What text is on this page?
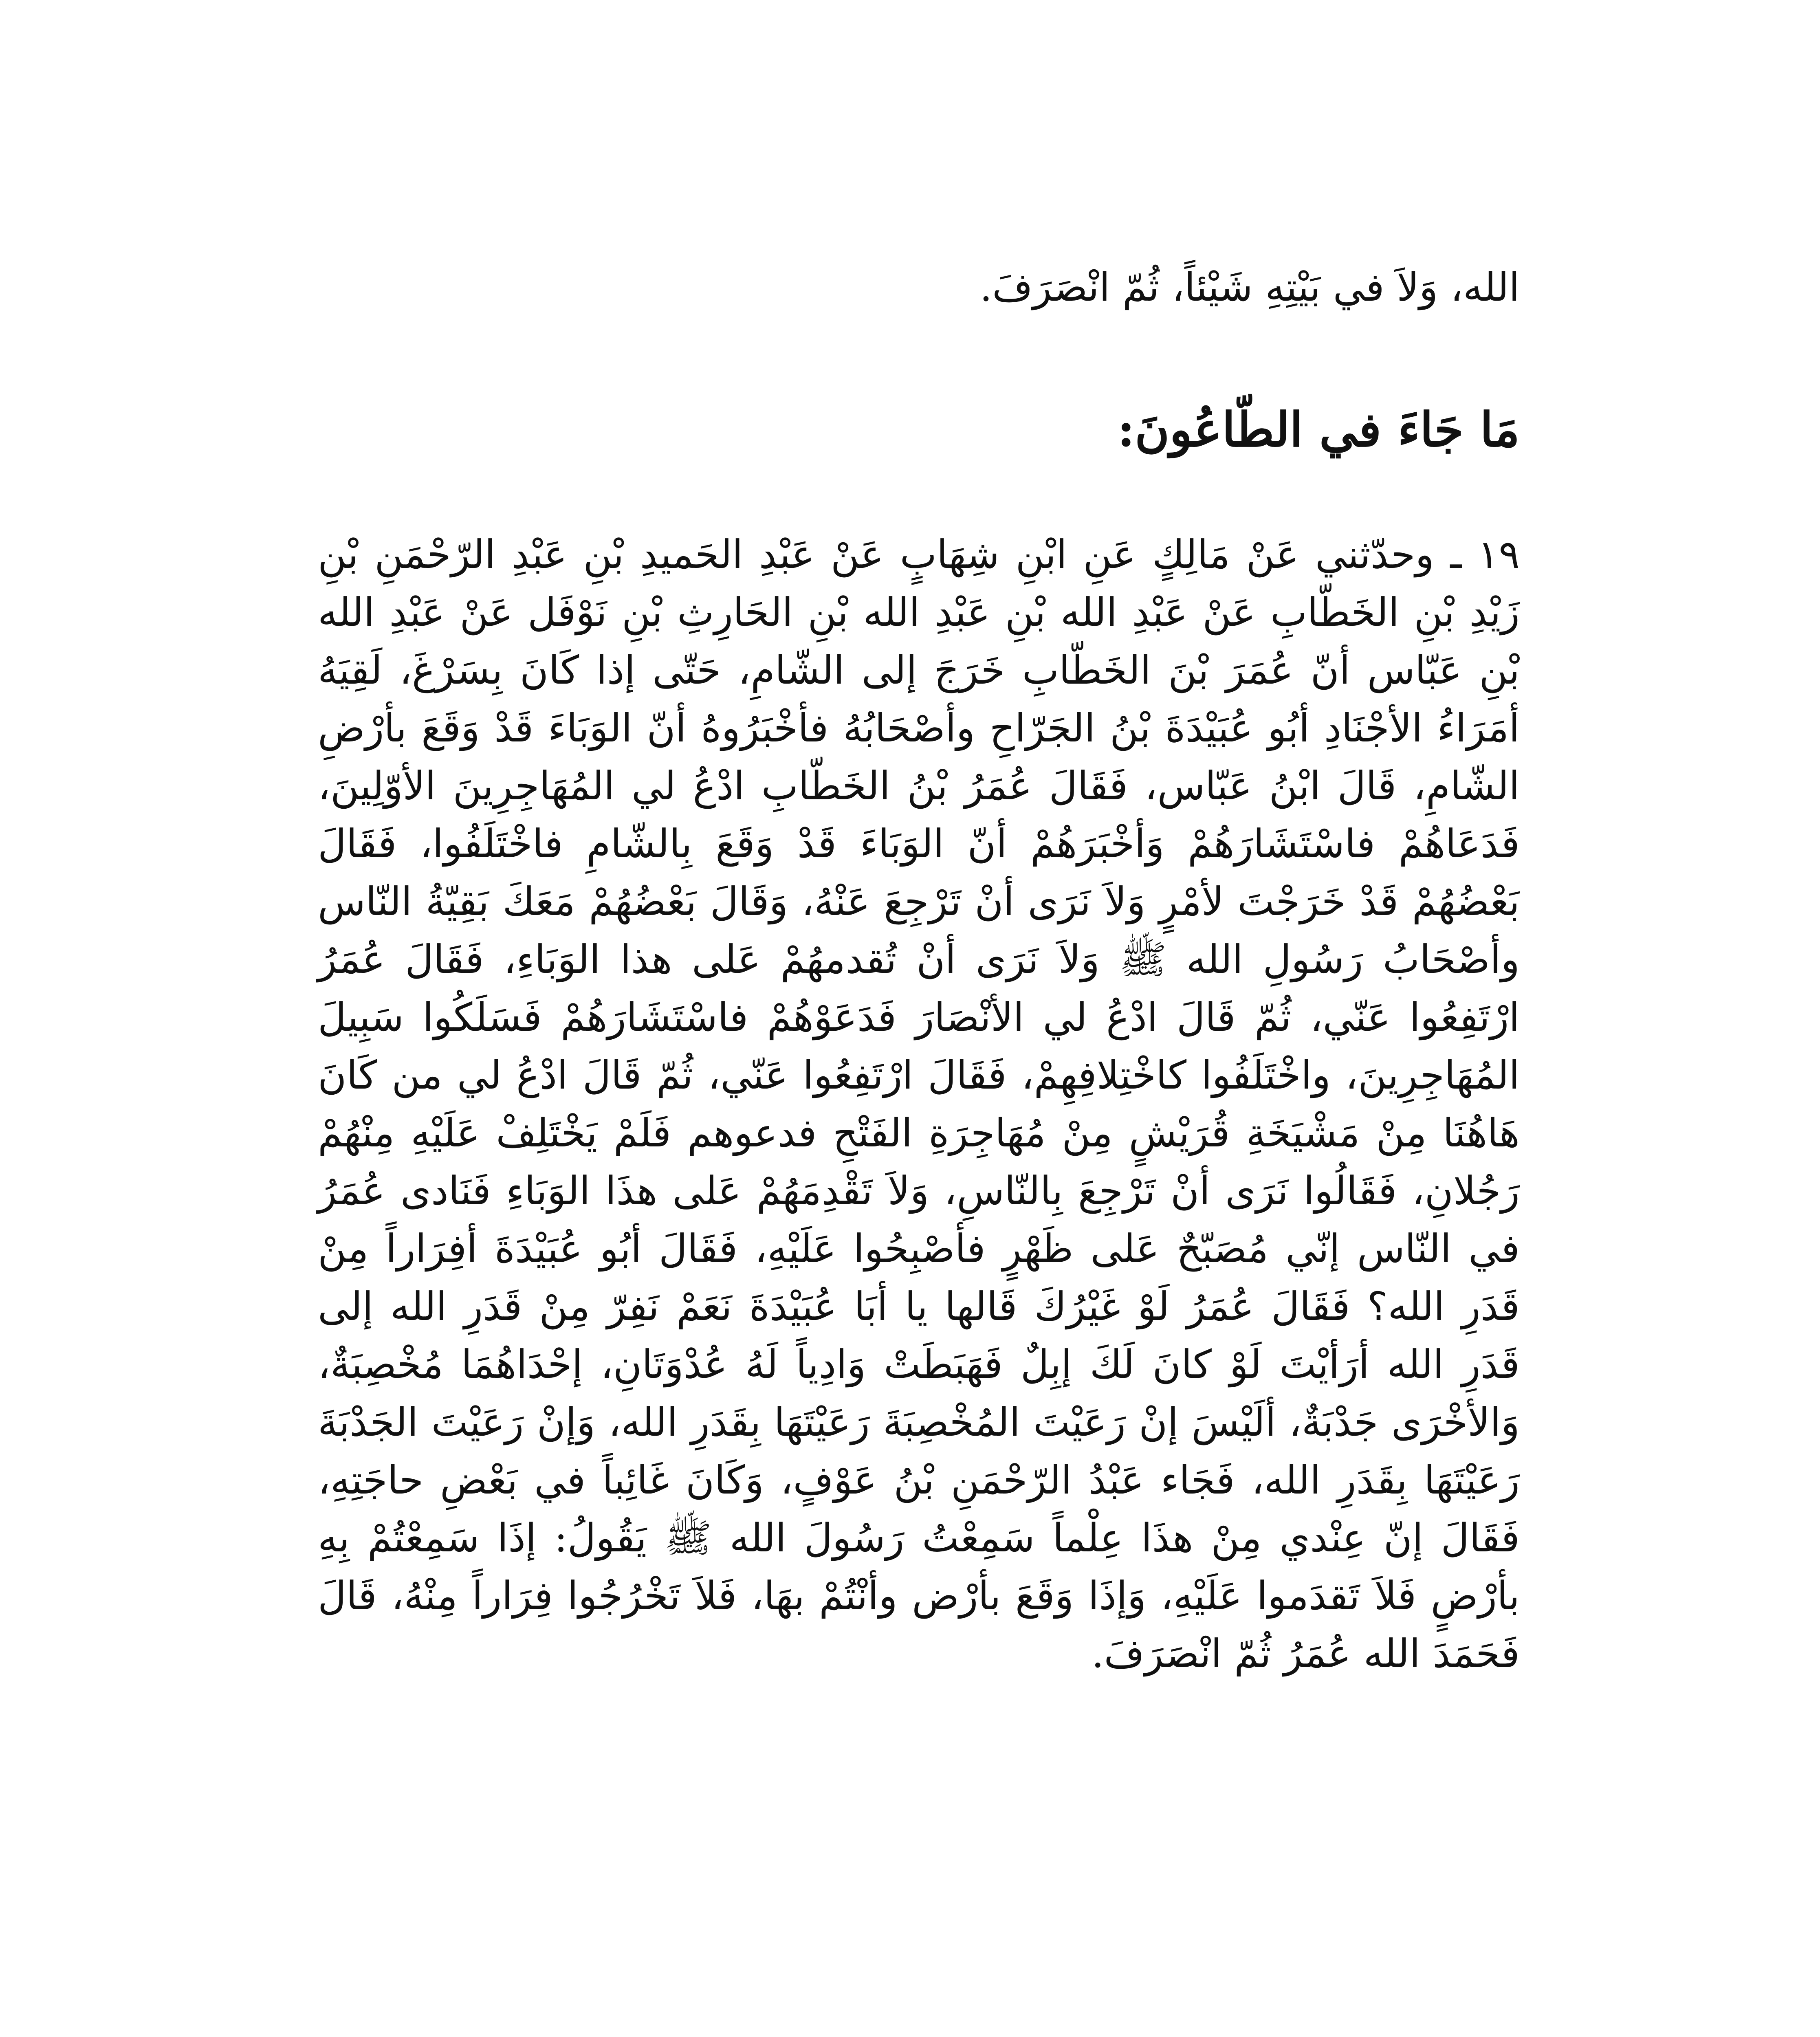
الله، وَلاَ في بَيْتِهِ شَيْئاً، ثُمّ انْصَرَفَ.

مَا جَاءَ في الطّاعُونَ:

١٩ ـ وحدّثني عَنْ مَالِكٍ عَنِ ابْنِ شِهَابٍ عَنْ عَبْدِ الحَميدِ بْنِ عَبْدِ الرّحْمَنِ بْنِ زَيْدِ بْنِ الخَطّابِ عَنْ عَبْدِ الله بْنِ عَبْدِ الله بْنِ الحَارِثِ بْنِ نَوْفَل عَنْ عَبْدِ الله بْنِ عَبّاس أنّ عُمَرَ بْنَ الخَطّابِ خَرَجَ إلى الشّامِ، حَتّى إذا كَانَ بِسَرْغَ، لَقِيَهُ أمَرَاءُ الأجْنَادِ أبُو عُبَيْدَةَ بْنُ الجَرّاحِ وأصْحَابُهُ فأخْبَرُوهُ أنّ الوَبَاءَ قَدْ وَقَعَ بأرْضِ الشّامِ، قَالَ ابْنُ عَبّاس، فَقَالَ عُمَرُ بْنُ الخَطّابِ ادْعُ لي المُهَاجِرِينَ الأوّلِينَ، فَدَعَاهُمْ فاسْتَشَارَهُمْ وَأخْبَرَهُمْ أنّ الوَبَاءَ قَدْ وَقَعَ بِالشّامِ فاخْتَلَفُوا، فَقَالَ بَعْضُهُمْ قَدْ خَرَجْتَ لأمْرٍ وَلاَ نَرَى أنْ تَرْجِعَ عَنْهُ، وَقَالَ بَعْضُهُمْ مَعَكَ بَقِيّةُ النّاس وأصْحَابُ رَسُولِ الله ﷺ وَلاَ نَرَى أنْ تُقدمهُمْ عَلى هذا الوَبَاءِ، فَقَالَ عُمَرُ ارْتَفِعُوا عَنّي، ثُمّ قَالَ ادْعُ لي الأنْصَارَ فَدَعَوْهُمْ فاسْتَشَارَهُمْ فَسَلَكُوا سَبِيلَ المُهَاجِرِينَ، واخْتَلَفُوا كاخْتِلافِهِمْ، فَقَالَ ارْتَفِعُوا عَنّي، ثُمّ قَالَ ادْعُ لي من كَانَ هَاهُنَا مِنْ مَشْيَخَةِ قُرَيْشٍ مِنْ مُهَاجِرَةِ الفَتْحِ فدعوهم فَلَمْ يَخْتَلِفْ عَلَيْهِ مِنْهُمْ رَجُلانِ، فَقَالُوا نَرَى أنْ تَرْجِعَ بِالنّاسِ، وَلاَ تَقْدِمَهُمْ عَلى هذَا الوَبَاءِ فَنَادى عُمَرُ في النّاس إنّي مُصَبّحٌ عَلى ظَهْرٍ فأصْبِحُوا عَلَيْهِ، فَقَالَ أبُو عُبَيْدَةَ أفِرَاراً مِنْ قَدَرِ الله؟ فَقَالَ عُمَرُ لَوْ غَيْرُكَ قَالها يا أبَا عُبَيْدَةَ نَعَمْ نَفِرّ مِنْ قَدَرِ الله إلى قَدَرِ الله أرَأيْتَ لَوْ كانَ لَكَ إبِلٌ فَهَبَطَتْ وَادِياً لَهُ عُدْوَتَانِ، إحْدَاهُمَا مُخْصِبَةٌ، وَالأخْرَى جَدْبَةٌ، ألَيْسَ إنْ رَعَيْتَ المُخْصِبَةَ رَعَيْتَهَا بِقَدَرِ الله، وَإنْ رَعَيْتَ الجَدْبَةَ رَعَيْتَهَا بِقَدَرِ الله، فَجَاء عَبْدُ الرّحْمَنِ بْنُ عَوْفٍ، وَكَانَ غَائِباً في بَعْضِ حاجَتِهِ، فَقَالَ إنّ عِنْدي مِنْ هذَا عِلْماً سَمِعْتُ رَسُولَ الله ﷺ يَقُولُ: إذَا سَمِعْتُمْ بِهِ بأرْضٍ فَلاَ تَقدَموا عَلَيْهِ، وَإذَا وَقَعَ بأرْض وأنْتُمْ بهَا، فَلاَ تَخْرُجُوا فِرَاراً مِنْهُ، قَالَ فَحَمَدَ الله عُمَرُ ثُمّ انْصَرَفَ.
